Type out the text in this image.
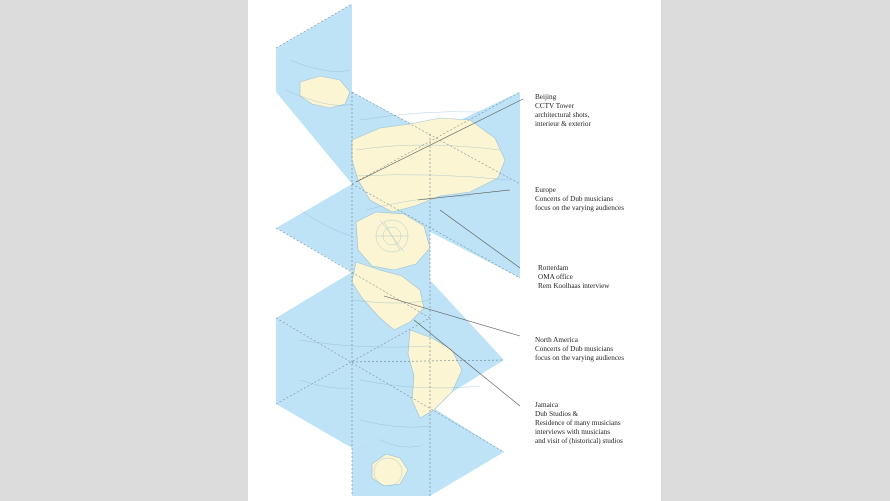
Beijing
CCTV Tower
architectural shots,
interieur & exterior
Europe
Concerts of Dub musicians
focus on the varying audiences
Rotterdam
OMA office
Rem Koolhaas interview
North America
Concerts of Dub musicians
focus on the varying audiences
Jamaica
Dub Studios &
Residence of many musicians
interviews with musicians
and visit of (historical) studios
